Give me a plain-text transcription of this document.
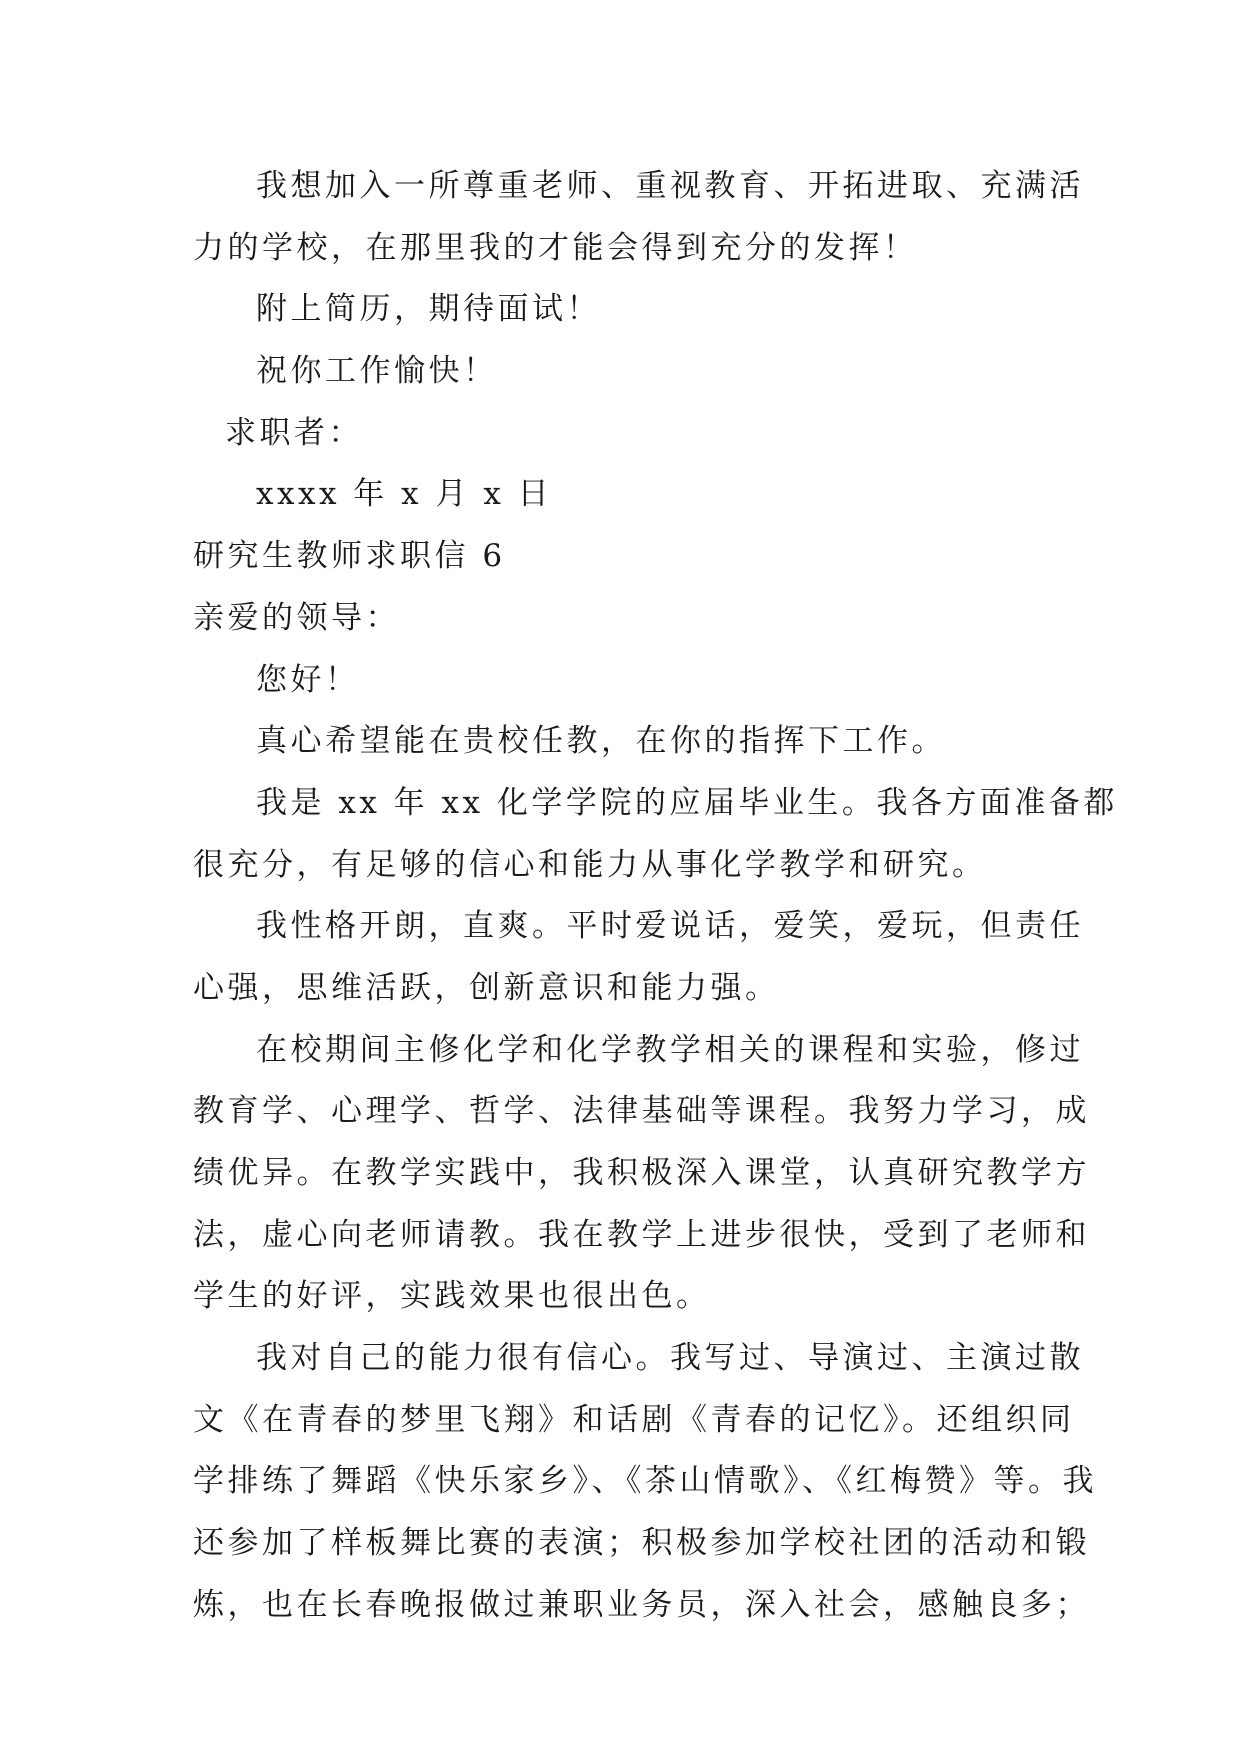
我想加入一所尊重老师、重视教育、开拓进取、充满活
力的学校，在那里我的才能会得到充分的发挥！
附上简历，期待面试！
祝你工作愉快！
求职者：
xxxx 年 x 月 x 日
研究生教师求职信 6
亲爱的领导：
您好！
真心希望能在贵校任教，在你的指挥下工作。
我是 xx 年 xx 化学学院的应届毕业生。我各方面准备都
很充分，有足够的信心和能力从事化学教学和研究。
我性格开朗，直爽。平时爱说话，爱笑，爱玩，但责任
心强，思维活跃，创新意识和能力强。
在校期间主修化学和化学教学相关的课程和实验，修过
教育学、心理学、哲学、法律基础等课程。我努力学习，成
绩优异。在教学实践中，我积极深入课堂，认真研究教学方
法，虚心向老师请教。我在教学上进步很快，受到了老师和
学生的好评，实践效果也很出色。
我对自己的能力很有信心。我写过、导演过、主演过散
文《在青春的梦里飞翔》和话剧《青春的记忆》。还组织同
学排练了舞蹈《快乐家乡》、《茶山情歌》、《红梅赞》等。我
还参加了样板舞比赛的表演；积极参加学校社团的活动和锻
炼，也在长春晚报做过兼职业务员，深入社会，感触良多；
